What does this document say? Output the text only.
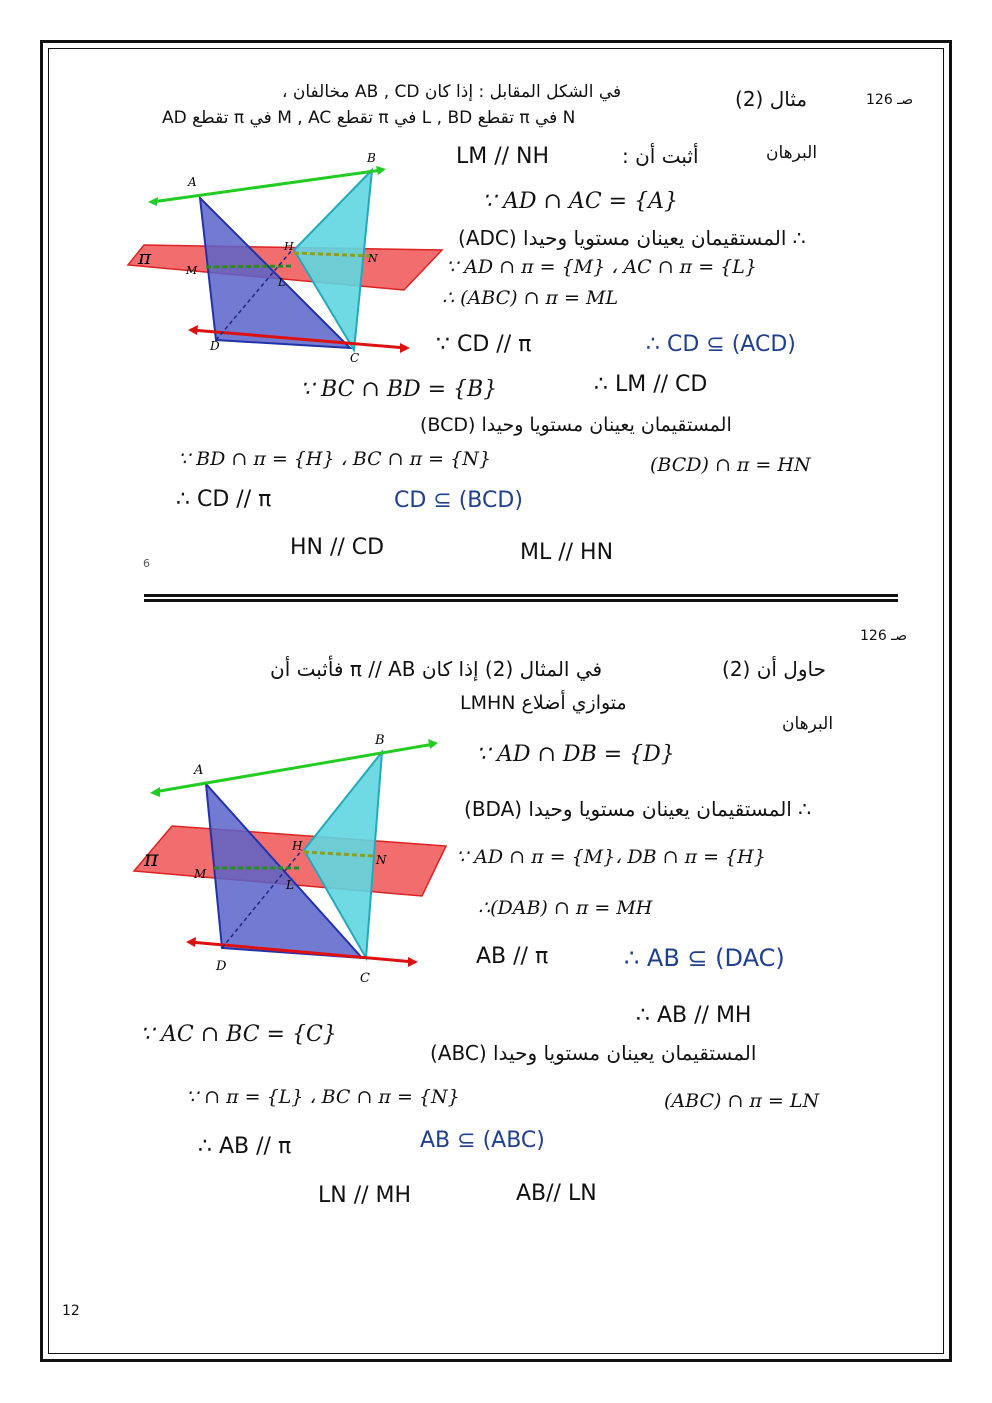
صـ 126
مثال (2)
في الشكل المقابل : إذا كان AB , CD مخالفان ،
AD تقطع π في M , AC تقطع π في L , BD تقطع π في N
البرهان
أثبت أن :
LM // NH
∵ AD ∩ AC = {A}
∴ المستقيمان يعينان مستويا وحيدا (ADC)
∵ AD ∩ π = {M} ، AC ∩ π = {L}
∴ (ABC) ∩ π = ML
∵ CD // π	∴ CD ⊆ (ACD)
∴ LM // CD
∵ BC ∩ BD = {B}
المستقيمان يعينان مستويا وحيدا (BCD)
∵ BD ∩ π = {H} ، BC ∩ π = {N}	(BCD) ∩ π = HN
∴ CD // π	CD ⊆ (BCD)
HN // CD	ML // HN
6
A
B
C
D
M
L
H
N
π
صـ 126
حاول أن (2)
في المثال (2) إذا كان π // AB فأثبت أن
LMHN متوازي أضلاع
البرهان
∵ AD ∩ DB = {D}
∴ المستقيمان يعينان مستويا وحيدا (BDA)
∵ AD ∩ π = {M}، DB ∩ π = {H}
∴(DAB) ∩ π = MH
AB // π	∴ AB ⊆ (DAC)
∴ AB // MH
∵ AC ∩ BC = {C}
المستقيمان يعينان مستويا وحيدا (ABC)
∵ ∩ π = {L} ، BC ∩ π = {N}	(ABC) ∩ π = LN
∴ AB // π	AB ⊆ (ABC)
LN // MH	AB// LN
A
B
C
D
M
L
H
N
π
12
